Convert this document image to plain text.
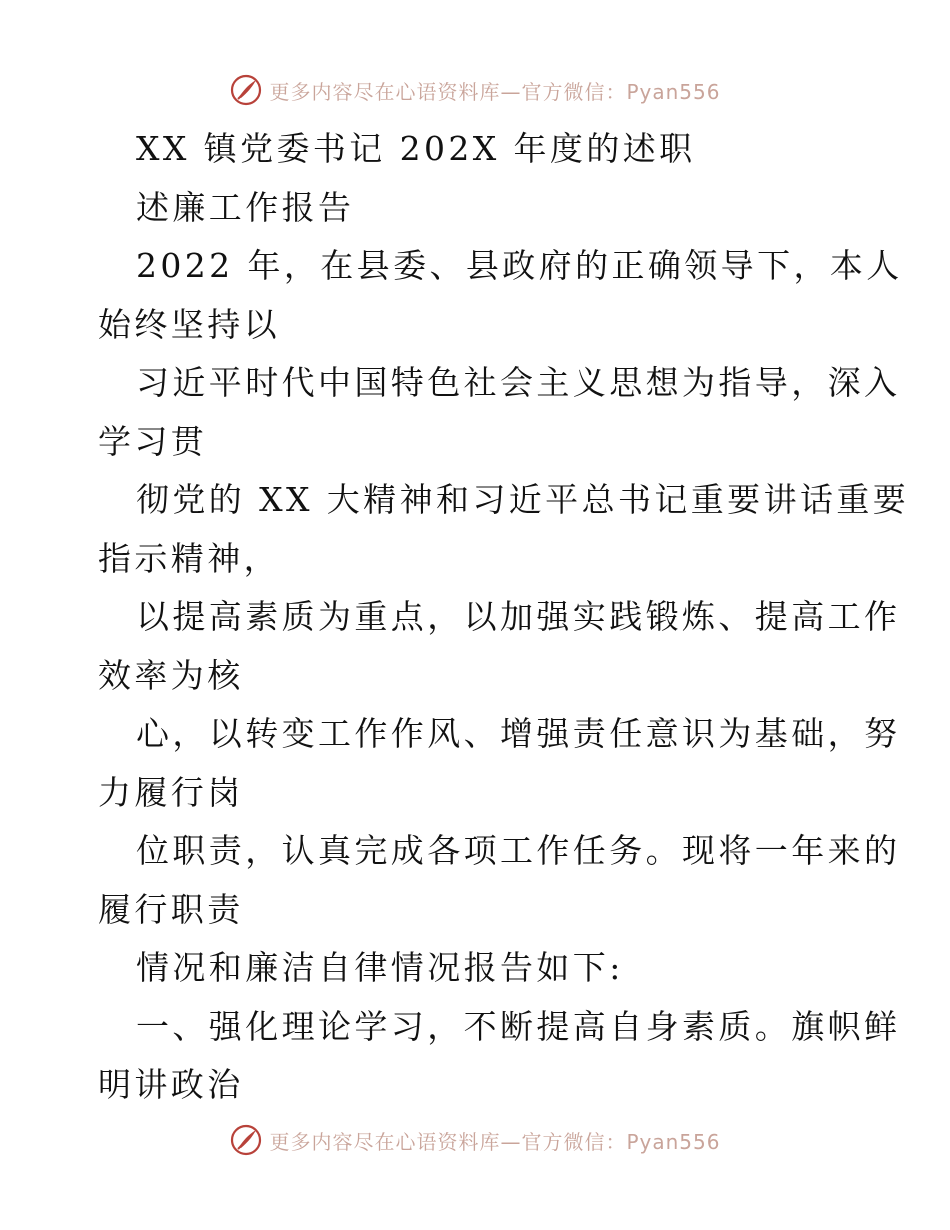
更多内容尽在心语资料库—官方微信：Pyan556
XX 镇党委书记 202X 年度的述职
述廉工作报告
2022 年，在县委、县政府的正确领导下，本人
始终坚持以
习近平时代中国特色社会主义思想为指导，深入
学习贯
彻党的 XX 大精神和习近平总书记重要讲话重要
指示精神，
以提高素质为重点，以加强实践锻炼、提高工作
效率为核
心，以转变工作作风、增强责任意识为基础，努
力履行岗
位职责，认真完成各项工作任务。现将一年来的
履行职责
情况和廉洁自律情况报告如下:
一、强化理论学习，不断提高自身素质。旗帜鲜
明讲政治
更多内容尽在心语资料库—官方微信：Pyan556
